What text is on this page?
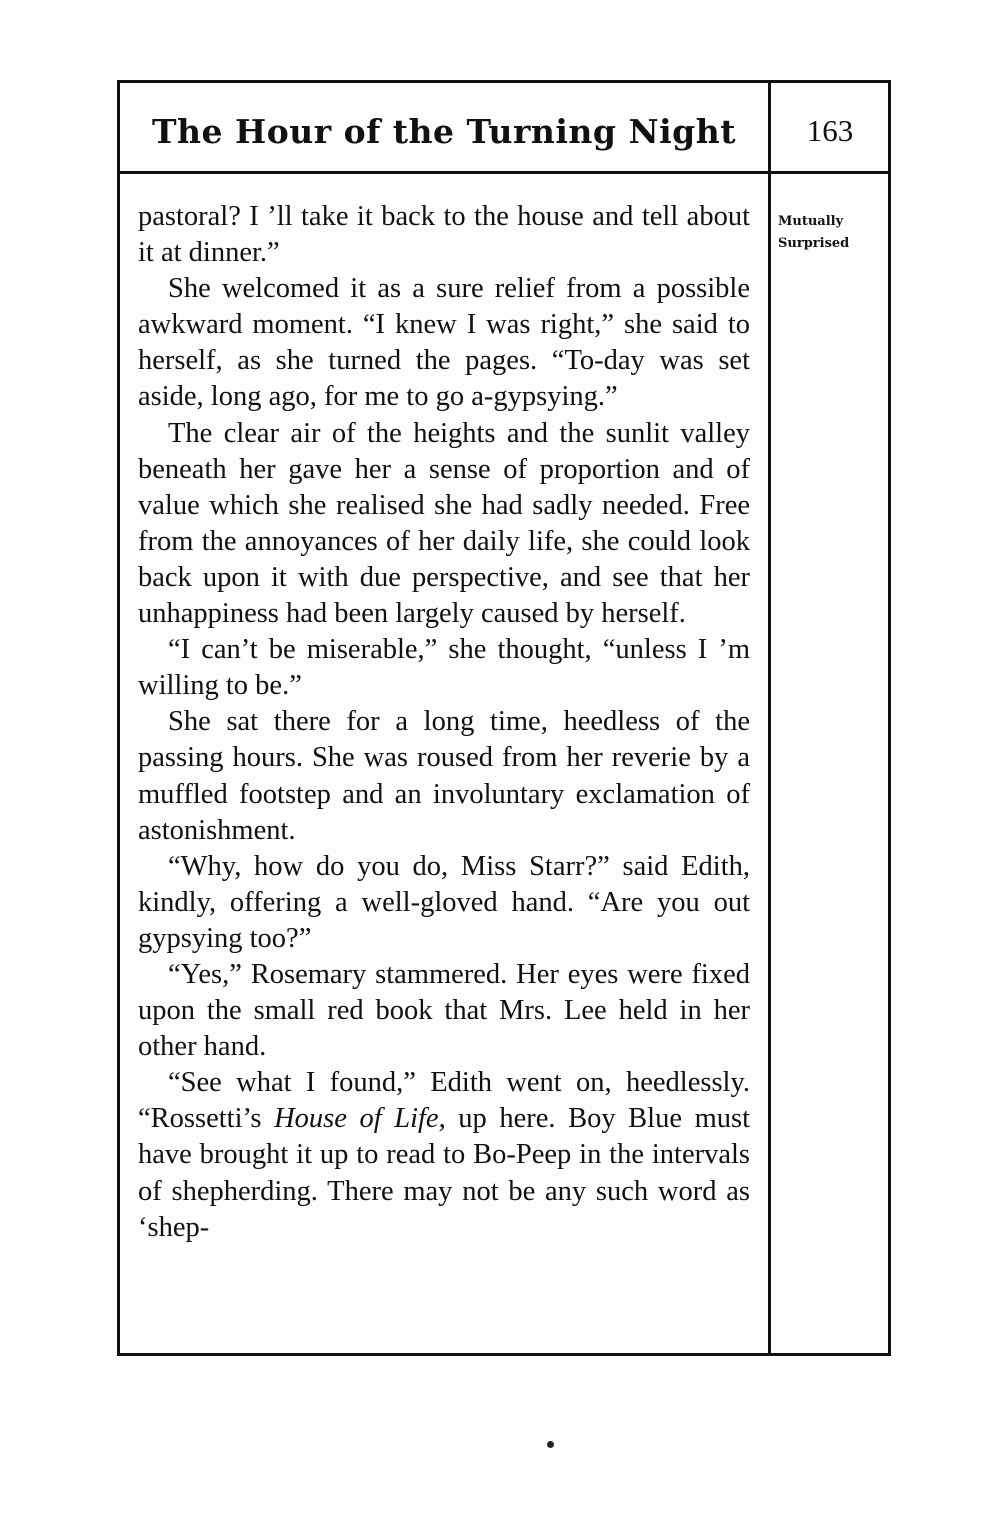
The Hour of the Turning Night	163
Mutually
Surprised

pastoral? I ’ll take it back to the house and tell about it at dinner.”

She welcomed it as a sure relief from a possible awkward moment. “I knew I was right,” she said to herself, as she turned the pages. “To-day was set aside, long ago, for me to go a-gypsying.”

The clear air of the heights and the sunlit valley beneath her gave her a sense of proportion and of value which she realised she had sadly needed. Free from the annoyances of her daily life, she could look back upon it with due perspective, and see that her unhappiness had been largely caused by herself.

“I can’t be miserable,” she thought, “unless I ’m willing to be.”

She sat there for a long time, heedless of the passing hours. She was roused from her reverie by a muffled footstep and an involuntary exclamation of astonishment.

“Why, how do you do, Miss Starr?” said Edith, kindly, offering a well-gloved hand. “Are you out gypsying too?”

“Yes,” Rosemary stammered. Her eyes were fixed upon the small red book that Mrs. Lee held in her other hand.

“See what I found,” Edith went on, heedlessly. “Rossetti’s House of Life, up here. Boy Blue must have brought it up to read to Bo-Peep in the intervals of shepherding. There may not be any such word as ‘shep-
